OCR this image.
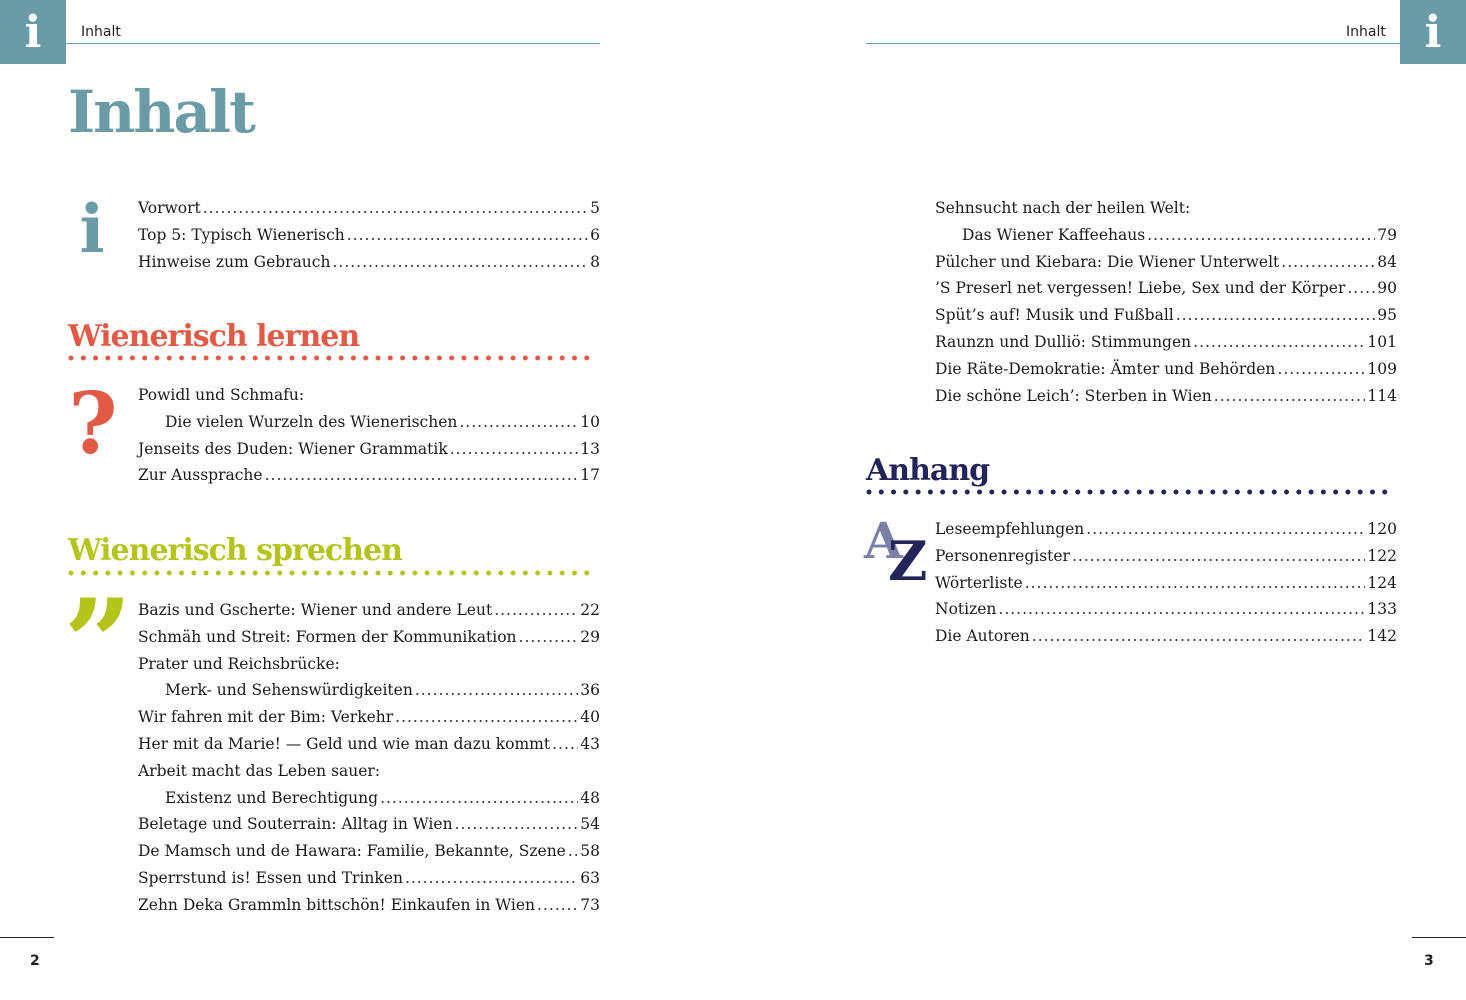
i	Inhalt
Inhalt
i Vorwort .....	5
Top 5: Typisch Wienerisch .....	6
Hinweise zum Gebrauch .....	8
Wienerisch lernen
? Powidl und Schmafu:
Die vielen Wurzeln des Wienerischen .....	10
Jenseits des Duden: Wiener Grammatik .....	13
Zur Aussprache .....	17
Wienerisch sprechen
” Bazis und Gscherte: Wiener und andere Leut .....	22
Schmäh und Streit: Formen der Kommunikation .....	29
Prater und Reichsbrücke:
Merk- und Sehenswürdigkeiten .....	36
Wir fahren mit der Bim: Verkehr .....	40
Her mit da Marie! — Geld und wie man dazu kommt ..... 43
Arbeit macht das Leben sauer:
Existenz und Berechtigung .....	48
Beletage und Souterrain: Alltag in Wien .....	54
De Mamsch und de Hawara: Familie, Bekannte, Szene ..... 58
Sperrstund is! Essen und Trinken .....	63
Zehn Deka Grammln bittschön! Einkaufen in Wien .....	73
2
i
Inhalt
Sehnsucht nach der heilen Welt:
Das Wiener Kaffeehaus .....	79
Pülcher und Kiebara: Die Wiener Unterwelt .....	84
’S Preserl net vergessen! Liebe, Sex und der Körper ..... 90
Spüt’s auf! Musik und Fußball .....	95
Raunzn und Dulliö: Stimmungen .....	101
Die Räte-Demokratie: Ämter und Behörden .....	109
Die schöne Leich’: Sterben in Wien .....	114
Anhang
A
Z Leseempfehlungen .....	120
Personenregister .....	122
Wörterliste .....	124
Notizen .....	133
Die Autoren .....	142
3
